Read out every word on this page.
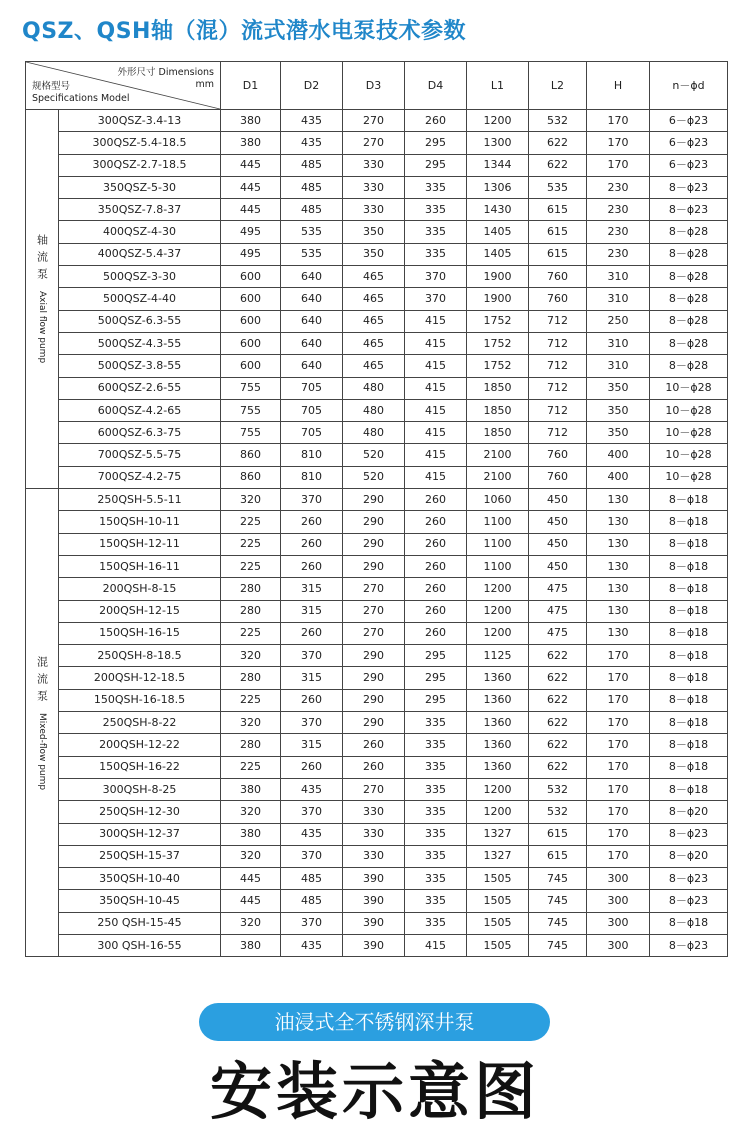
QSZ、QSH轴（混）流式潜水电泵技术参数
外形尺寸 Dimensions
mm
规格型号
Specifications Model		D1	D2	D3	D4	L1	L2	H	n－ϕd

轴流泵
Axial flow pump	300QSZ-3.4-13	380	435	270	260	1200	532	170	6－ϕ23
	300QSZ-5.4-18.5	380	435	270	295	1300	622	170	6－ϕ23
	300QSZ-2.7-18.5	445	485	330	295	1344	622	170	6－ϕ23
	350QSZ-5-30	445	485	330	335	1306	535	230	8－ϕ23
	350QSZ-7.8-37	445	485	330	335	1430	615	230	8－ϕ23
	400QSZ-4-30	495	535	350	335	1405	615	230	8－ϕ28
	400QSZ-5.4-37	495	535	350	335	1405	615	230	8－ϕ28
	500QSZ-3-30	600	640	465	370	1900	760	310	8－ϕ28
	500QSZ-4-40	600	640	465	370	1900	760	310	8－ϕ28
	500QSZ-6.3-55	600	640	465	415	1752	712	250	8－ϕ28
	500QSZ-4.3-55	600	640	465	415	1752	712	310	8－ϕ28
	500QSZ-3.8-55	600	640	465	415	1752	712	310	8－ϕ28
	600QSZ-2.6-55	755	705	480	415	1850	712	350	10－ϕ28
	600QSZ-4.2-65	755	705	480	415	1850	712	350	10－ϕ28
	600QSZ-6.3-75	755	705	480	415	1850	712	350	10－ϕ28
	700QSZ-5.5-75	860	810	520	415	2100	760	400	10－ϕ28
	700QSZ-4.2-75	860	810	520	415	2100	760	400	10－ϕ28

混流泵
Mixed-flow pump	250QSH-5.5-11	320	370	290	260	1060	450	130	8－ϕ18
	150QSH-10-11	225	260	290	260	1100	450	130	8－ϕ18
	150QSH-12-11	225	260	290	260	1100	450	130	8－ϕ18
	150QSH-16-11	225	260	290	260	1100	450	130	8－ϕ18
	200QSH-8-15	280	315	270	260	1200	475	130	8－ϕ18
	200QSH-12-15	280	315	270	260	1200	475	130	8－ϕ18
	150QSH-16-15	225	260	270	260	1200	475	130	8－ϕ18
	250QSH-8-18.5	320	370	290	295	1125	622	170	8－ϕ18
	200QSH-12-18.5	280	315	290	295	1360	622	170	8－ϕ18
	150QSH-16-18.5	225	260	290	295	1360	622	170	8－ϕ18
	250QSH-8-22	320	370	290	335	1360	622	170	8－ϕ18
	200QSH-12-22	280	315	260	335	1360	622	170	8－ϕ18
	150QSH-16-22	225	260	260	335	1360	622	170	8－ϕ18
	300QSH-8-25	380	435	270	335	1200	532	170	8－ϕ18
	250QSH-12-30	320	370	330	335	1200	532	170	8－ϕ20
	300QSH-12-37	380	435	330	335	1327	615	170	8－ϕ23
	250QSH-15-37	320	370	330	335	1327	615	170	8－ϕ20
	350QSH-10-40	445	485	390	335	1505	745	300	8－ϕ23
	350QSH-10-45	445	485	390	335	1505	745	300	8－ϕ23
	250 QSH-15-45	320	370	390	335	1505	745	300	8－ϕ18
	300 QSH-16-55	380	435	390	415	1505	745	300	8－ϕ23
油浸式全不锈钢深井泵
安装示意图
